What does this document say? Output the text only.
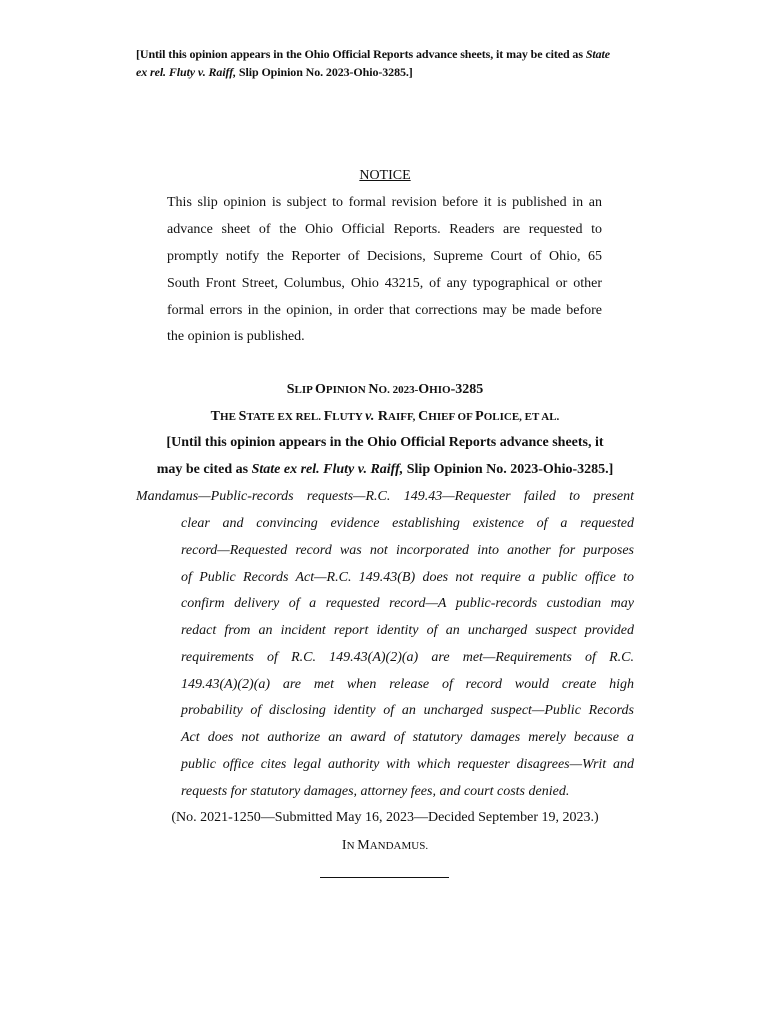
[Until this opinion appears in the Ohio Official Reports advance sheets, it may be cited as State
ex rel. Fluty v. Raiff, Slip Opinion No. 2023-Ohio-3285.]
NOTICE
This slip opinion is subject to formal revision before it is published in an
advance sheet of the Ohio Official Reports. Readers are requested to
promptly notify the Reporter of Decisions, Supreme Court of Ohio, 65
South Front Street, Columbus, Ohio 43215, of any typographical or other
formal errors in the opinion, in order that corrections may be made before
the opinion is published.
SLIP OPINION NO. 2023-OHIO-3285
THE STATE EX REL. FLUTY v. RAIFF, CHIEF OF POLICE, ET AL.
[Until this opinion appears in the Ohio Official Reports advance sheets, it
may be cited as State ex rel. Fluty v. Raiff, Slip Opinion No. 2023-Ohio-3285.]
Mandamus—Public-records requests—R.C. 149.43—Requester failed to present
clear and convincing evidence establishing existence of a requested
record—Requested record was not incorporated into another for purposes
of Public Records Act—R.C. 149.43(B) does not require a public office to
confirm delivery of a requested record—A public-records custodian may
redact from an incident report identity of an uncharged suspect provided
requirements of R.C. 149.43(A)(2)(a) are met—Requirements of R.C.
149.43(A)(2)(a) are met when release of record would create high
probability of disclosing identity of an uncharged suspect—Public Records
Act does not authorize an award of statutory damages merely because a
public office cites legal authority with which requester disagrees—Writ and
requests for statutory damages, attorney fees, and court costs denied.
(No. 2021-1250—Submitted May 16, 2023—Decided September 19, 2023.)
IN MANDAMUS.
